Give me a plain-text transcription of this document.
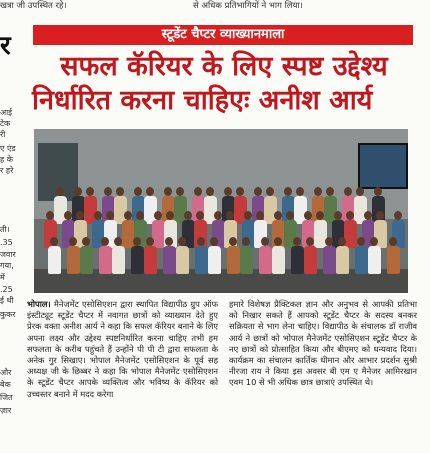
खत्रा जी उपस्थित रहे।	से अधिक प्रतिभागियों ने भाग लिया।
र
आई
टेक
री
ए एंड
ह के
र हरे
ती।
.35
जवार
गया,
में
.25
ई थी
कुकर
और
बेक
जित
ज़ार
स्टूडेंट चैप्टर व्याख्यानमाला
सफल कॅरियर के लिए स्पष्ट उद्देश्य
निर्धारित करना चाहिएः अनीश आर्य
भोपाल। मैनेजमेंट एसोसिएशन द्वारा स्थापित विद्यापीठ ग्रुप ऑफ इंस्टीट्यूट स्टूडेंट चैप्टर में नवागत छात्रों को व्याख्यान देते हुए प्रेरक वक्ता अनीश आर्य ने कहा कि सफल कॅरियर बनाने के लिए अपना लक्ष्य और उद्देश्य स्पष्टनिर्धारित करना चाहिए तभी हम सफलता के करीब पहुंचते हैं उन्होंने पी पी टी द्वारा सफलता के अनेक गुर सिखाए। भोपाल मैनेजमेंट एसोसिएशन के पूर्व सह अध्यक्ष जी के छिब्बर ने कहा कि भोपाल मैनेजमेंट एसोसिएशन के स्टूडेंट चैप्टर आपके व्यक्तित्व और भविष्य के कॅरियर को उच्चस्तर बनाने में मदद करेगा
हमारे विशेषज्ञ प्रैक्टिकल ज्ञान और अनुभव से आपकी प्रतिभा को निखार सकते हैं आपको स्टूडेंट चैप्टर के सदस्य बनकर सक्रियता से भाग लेना चाहिए। विद्यापीठ के संचालक डॉ राजीव आर्य ने छात्रों को भोपाल मैनेजमेंट एसोसिएशन स्टूडेंट चैप्टर के नए छात्रों को प्रोत्साहित किया और बीएमए को धन्यवाद दिया। कार्यक्रम का संचालन कार्तिक धीमान और आभार प्रदर्शन सुश्री नीरजा राय ने किया इस अवसर बी एम ए मैनेजर आमिरखान एवम 10 से भी अधिक छात्र छात्राएं उपस्थित थे।
